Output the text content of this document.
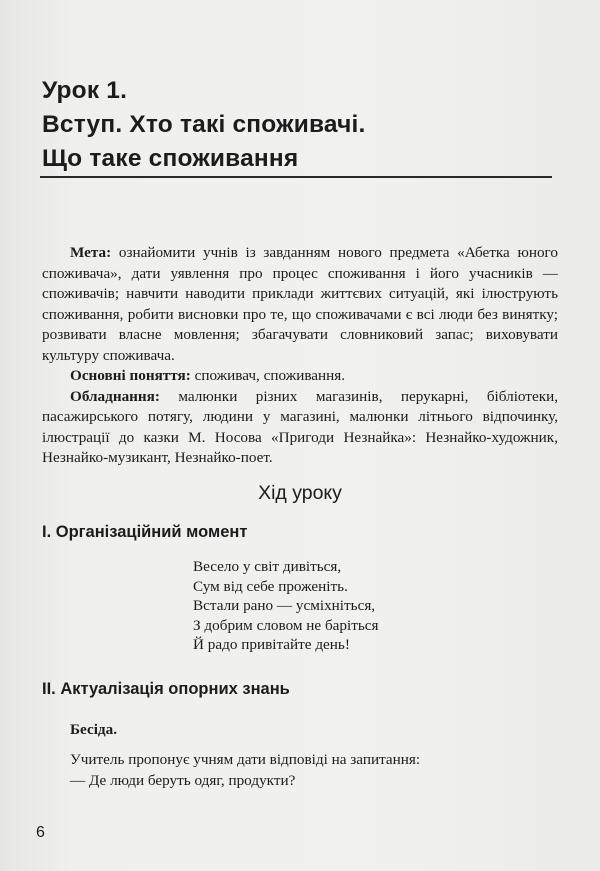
Урок 1.
Вступ. Хто такі споживачі.
Що таке споживання

Мета: ознайомити учнів із завданням нового предмета «Абетка юного споживача», дати уявлення про процес споживання і його учасників — споживачів; навчити наводити приклади життєвих ситуацій, які ілюструють споживання, робити висновки про те, що споживачами є всі люди без винятку; розвивати власне мовлення; збагачувати словниковий запас; виховувати культуру споживача.

Основні поняття: споживач, споживання.

Обладнання: малюнки різних магазинів, перукарні, бібліотеки, пасажирського потягу, людини у магазині, малюнки літнього відпочинку, ілюстрації до казки М. Носова «Пригоди Незнайка»: Незнайко-художник, Незнайко-музикант, Незнайко-поет.

Хід уроку
I. Організаційний момент
Весело у світ дивіться,
Сум від себе проженіть.
Встали рано — усміхніться,
З добрим словом не баріться
Й радо привітайте день!
II. Актуалізація опорних знань
Бесіда.
Учитель пропонує учням дати відповіді на запитання:
— Де люди беруть одяг, продукти?
6
